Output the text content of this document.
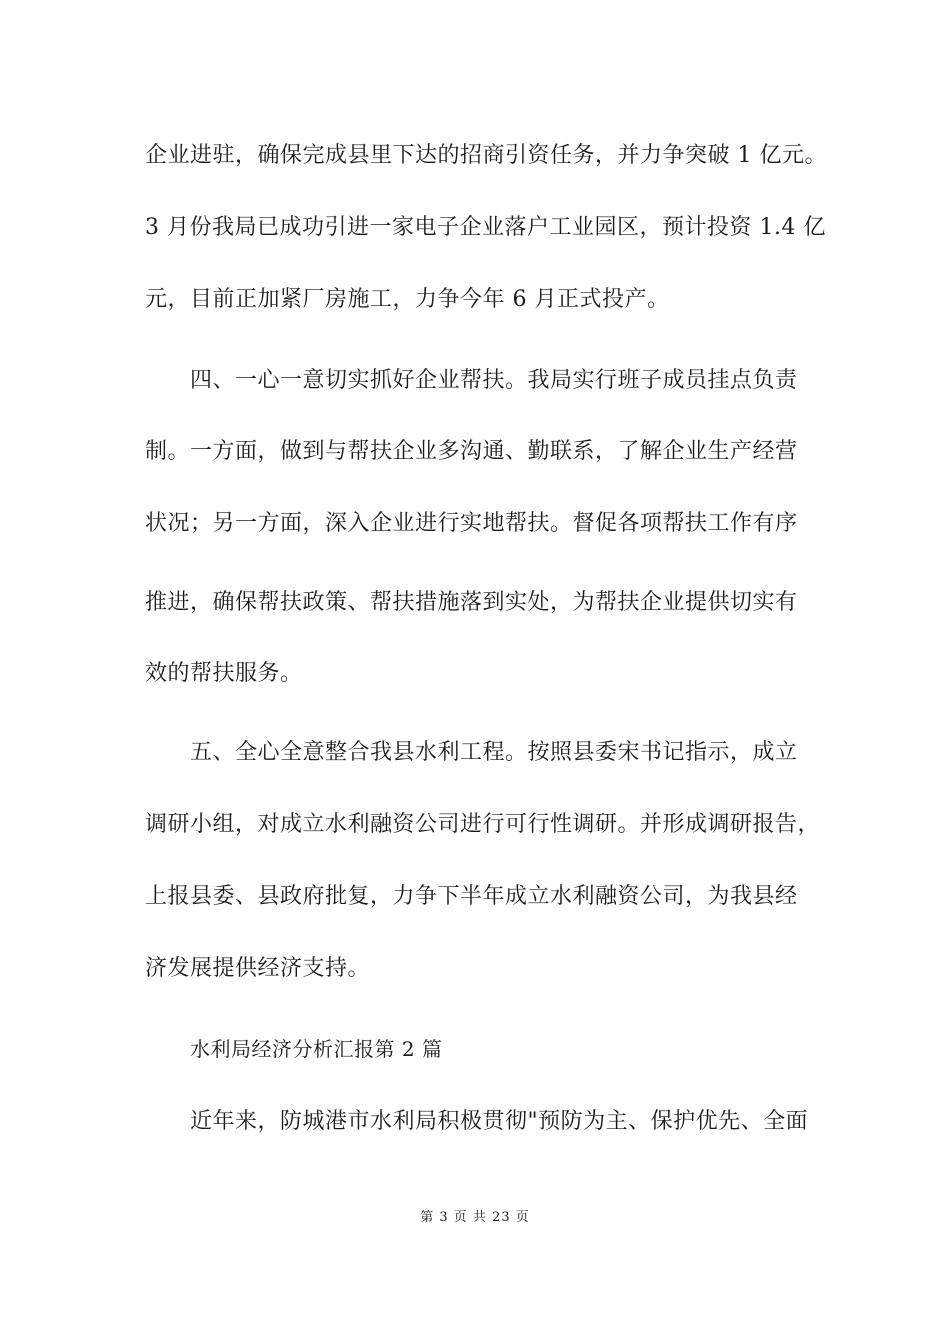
企业进驻，确保完成县里下达的招商引资任务，并力争突破 1 亿元。
3 月份我局已成功引进一家电子企业落户工业园区，预计投资 1.4 亿
元，目前正加紧厂房施工，力争今年 6 月正式投产。
四、一心一意切实抓好企业帮扶。我局实行班子成员挂点负责
制。一方面，做到与帮扶企业多沟通、勤联系，了解企业生产经营
状况；另一方面，深入企业进行实地帮扶。督促各项帮扶工作有序
推进，确保帮扶政策、帮扶措施落到实处，为帮扶企业提供切实有
效的帮扶服务。
五、全心全意整合我县水利工程。按照县委宋书记指示，成立
调研小组，对成立水利融资公司进行可行性调研。并形成调研报告，
上报县委、县政府批复，力争下半年成立水利融资公司，为我县经
济发展提供经济支持。
水利局经济分析汇报第 2 篇
近年来，防城港市水利局积极贯彻"预防为主、保护优先、全面
第 3 页 共 23 页
